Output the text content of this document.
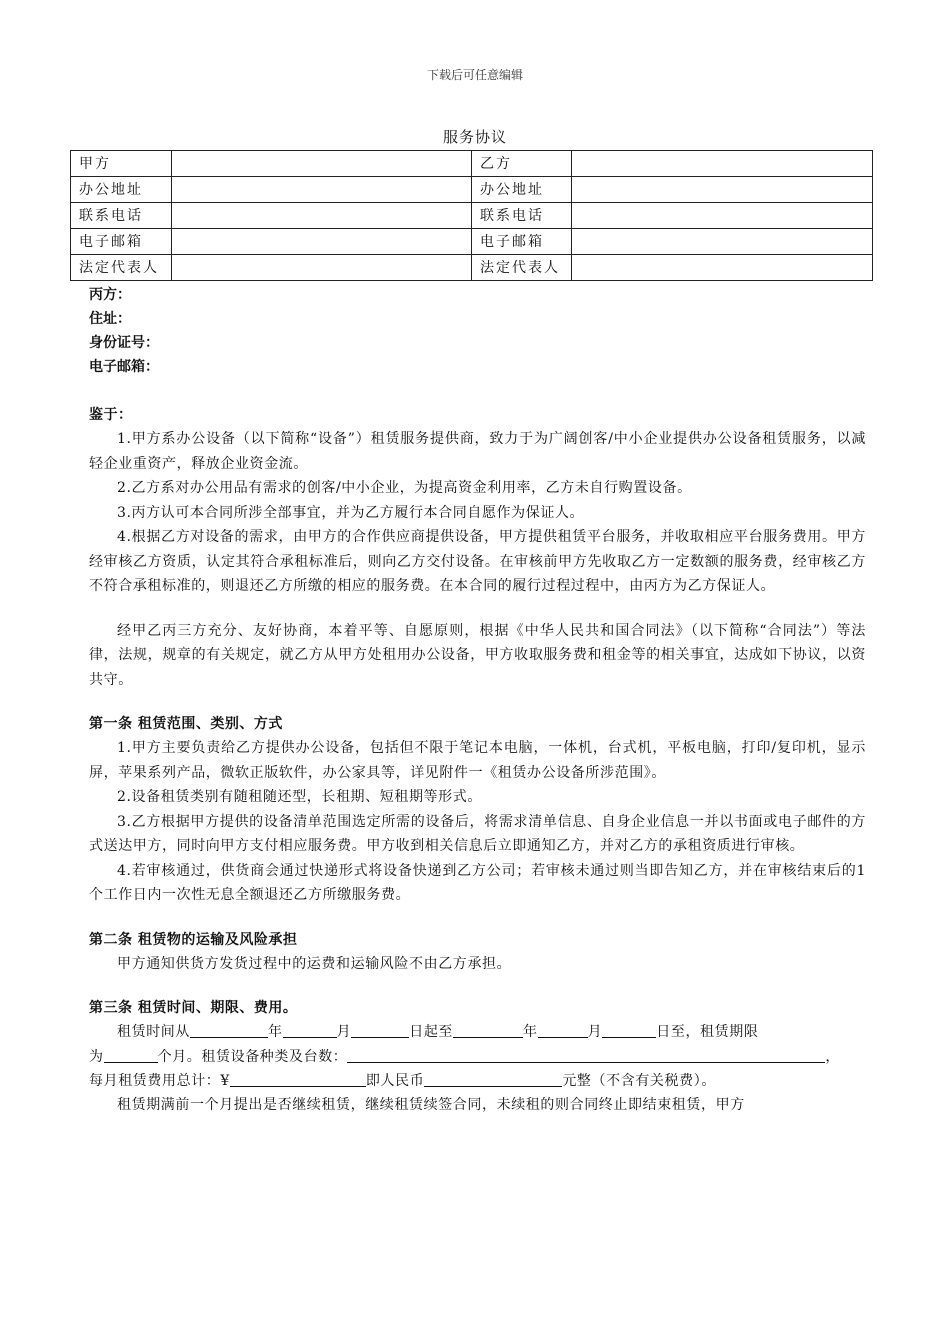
下载后可任意编辑
服务协议
甲方		乙方	
办公地址		办公地址	
联系电话		联系电话	
电子邮箱		电子邮箱	
法定代表人		法定代表人	
丙方：
住址：
身份证号：
电子邮箱：
鉴于：

1.甲方系办公设备（以下简称“设备”）租赁服务提供商，致力于为广阔创客/中小企业提供办公设备租赁服务，以减轻企业重资产，释放企业资金流。

2.乙方系对办公用品有需求的创客/中小企业，为提高资金利用率，乙方未自行购置设备。

3.丙方认可本合同所涉全部事宜，并为乙方履行本合同自愿作为保证人。

4.根据乙方对设备的需求，由甲方的合作供应商提供设备，甲方提供租赁平台服务，并收取相应平台服务费用。甲方经审核乙方资质，认定其符合承租标准后，则向乙方交付设备。在审核前甲方先收取乙方一定数额的服务费，经审核乙方不符合承租标准的，则退还乙方所缴的相应的服务费。在本合同的履行过程过程中，由丙方为乙方保证人。

经甲乙丙三方充分、友好协商，本着平等、自愿原则，根据《中华人民共和国合同法》（以下简称“合同法”）等法律，法规，规章的有关规定，就乙方从甲方处租用办公设备，甲方收取服务费和租金等的相关事宜，达成如下协议，以资共守。

第一条 租赁范围、类别、方式

1.甲方主要负责给乙方提供办公设备，包括但不限于笔记本电脑，一体机，台式机，平板电脑，打印/复印机，显示屏，苹果系列产品，微软正版软件，办公家具等，详见附件一《租赁办公设备所涉范围》。

2.设备租赁类别有随租随还型，长租期、短租期等形式。

3.乙方根据甲方提供的设备清单范围选定所需的设备后，将需求清单信息、自身企业信息一并以书面或电子邮件的方式送达甲方，同时向甲方支付相应服务费。甲方收到相关信息后立即通知乙方，并对乙方的承租资质进行审核。

4.若审核通过，供货商会通过快递形式将设备快递到乙方公司；若审核未通过则当即告知乙方，并在审核结束后的1个工作日内一次性无息全额退还乙方所缴服务费。

第二条 租赁物的运输及风险承担

甲方通知供货方发货过程中的运费和运输风险不由乙方承担。

第三条 租赁时间、期限、费用。

租赁时间从	年	月	日起至	年	月	日至，租赁期限

为	个月。租赁设备种类及台数：	，

每月租赁费用总计：¥	即人民币	元整（不含有关税费）。

租赁期满前一个月提出是否继续租赁，继续租赁续签合同，未续租的则合同终止即结束租赁，甲方
